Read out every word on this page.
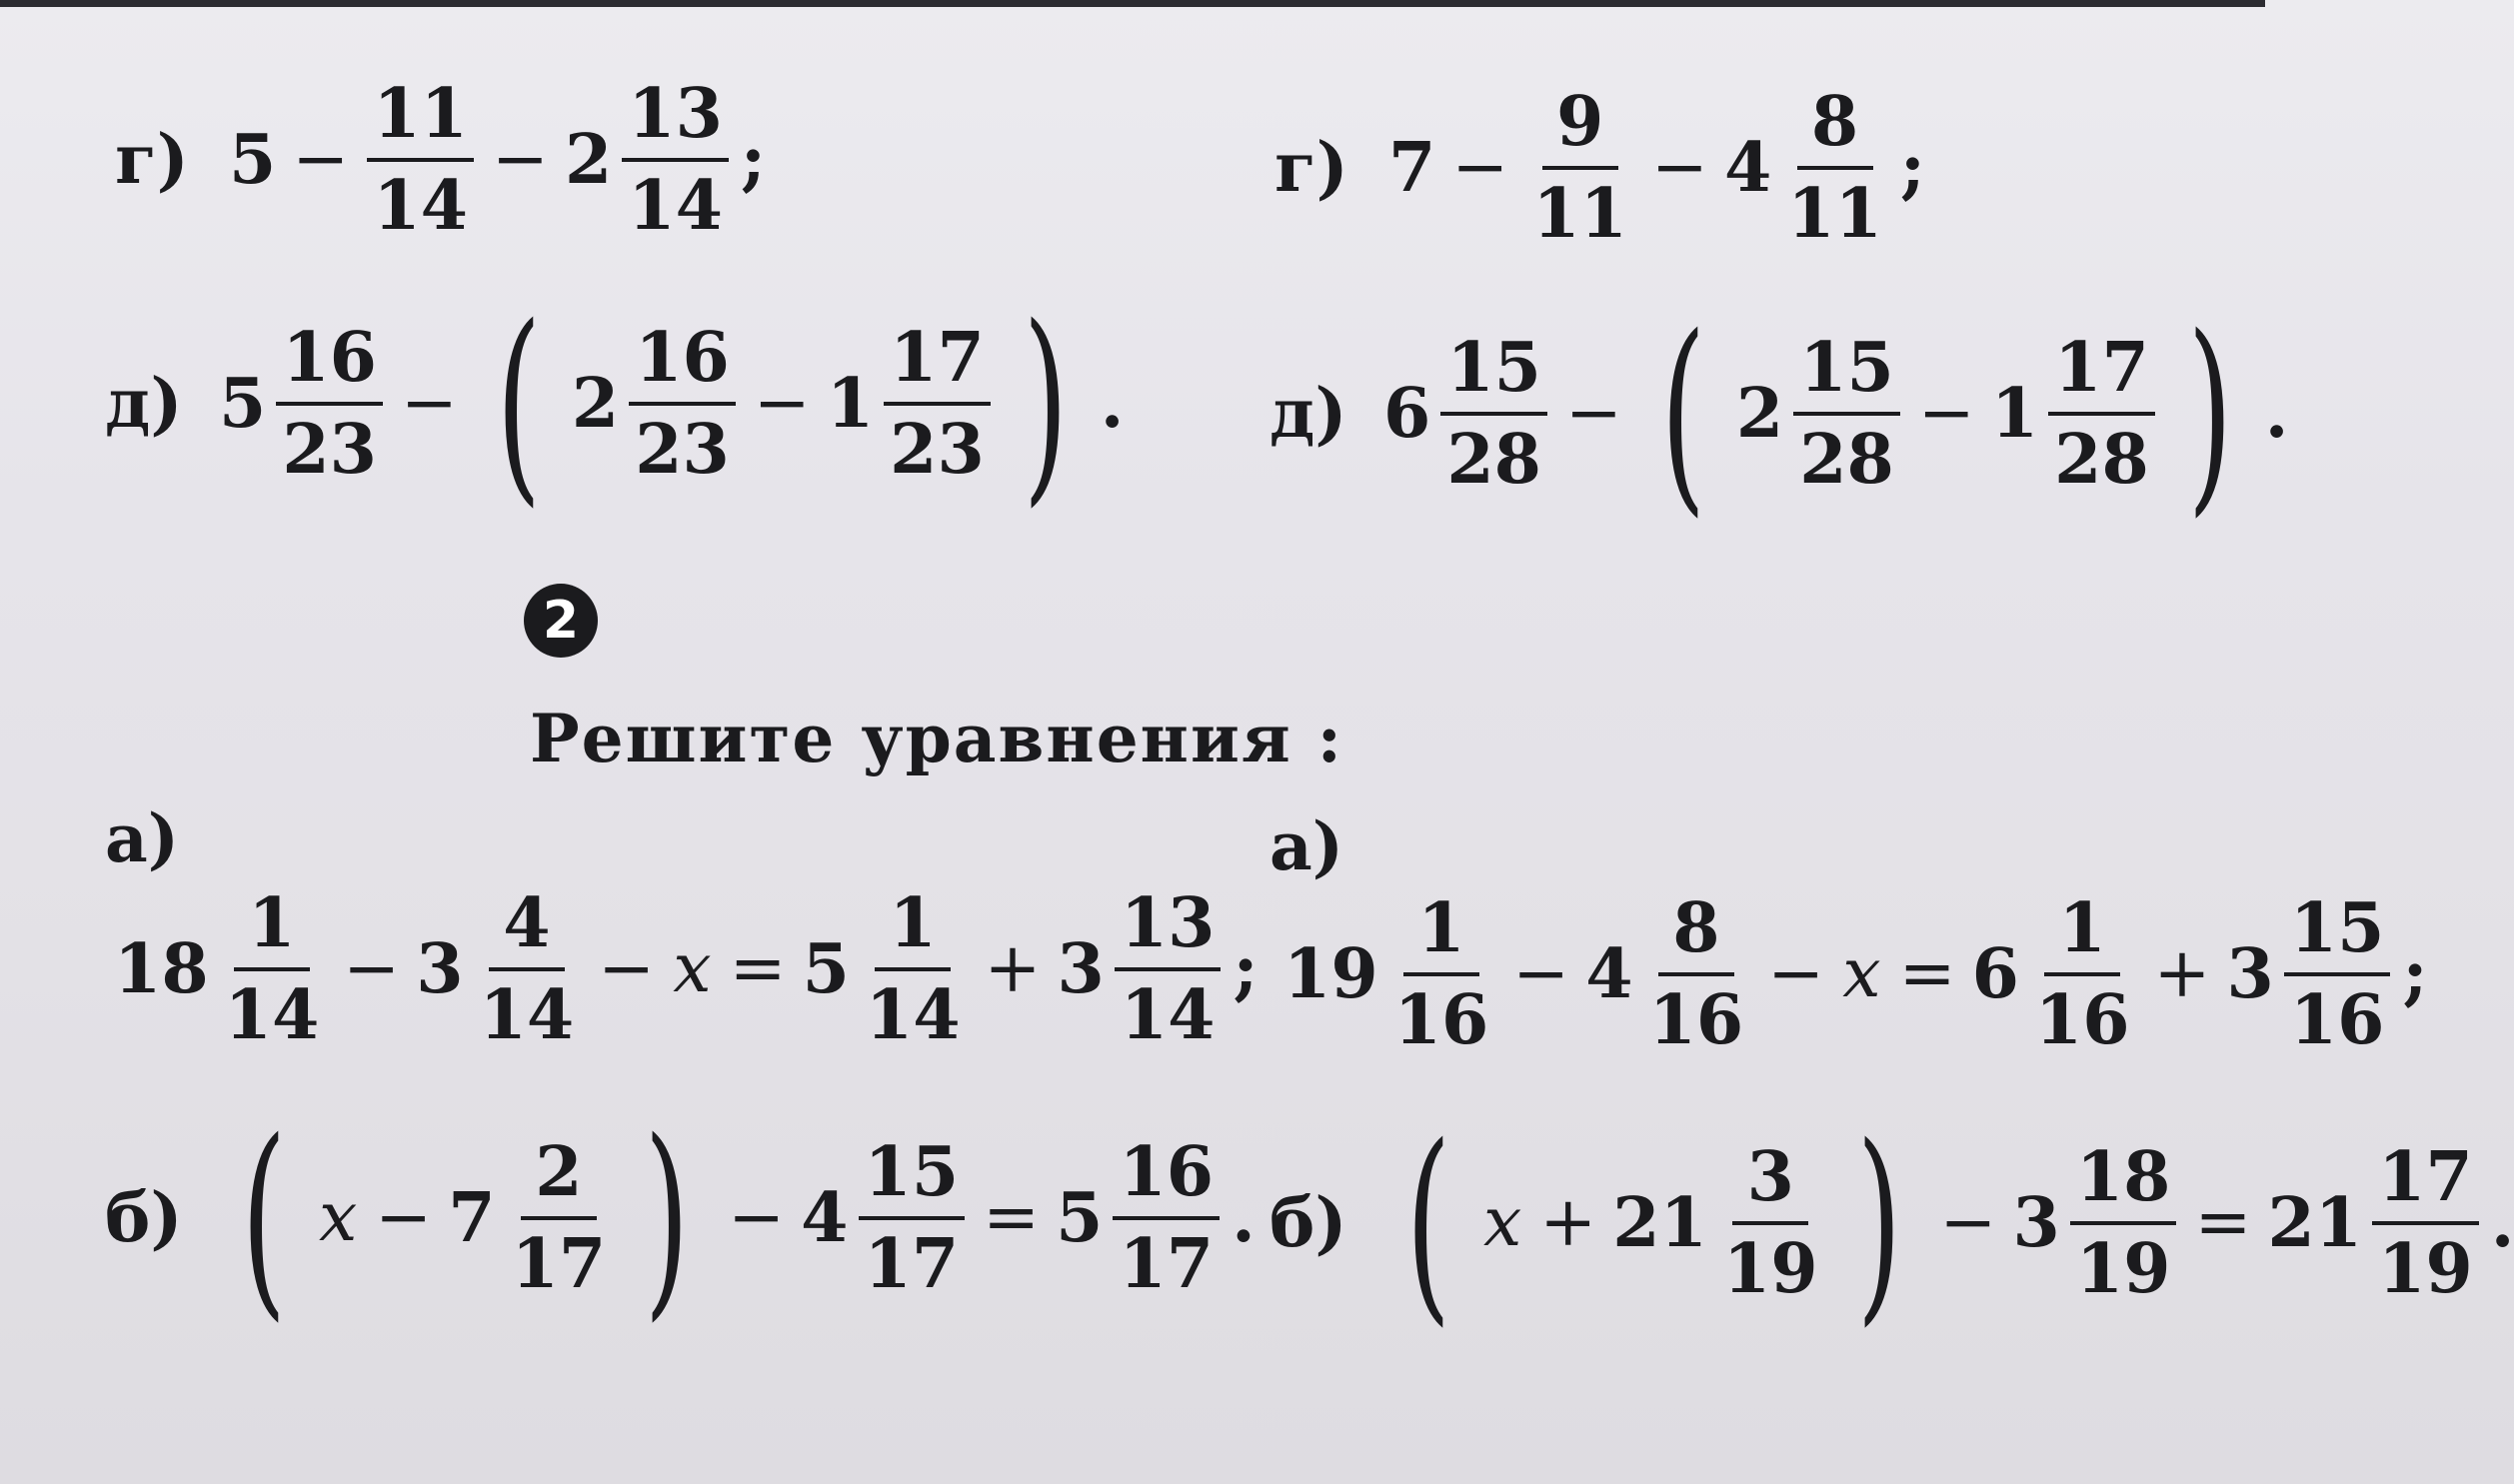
г) $5 - \frac{11}{14} - 2 \frac{13}{14}$ ;	г) $7 - \frac{9}{11} - 4 \frac{8}{11}$ ;
д) $5 \frac{16}{23}$ − ( $2 \frac{16}{23} - 1 \frac{17}{23}$ ) . д) $6 \frac{15}{28}$ − ( $2 \frac{15}{28} - 1 \frac{17}{28}$ ) .
2
Решите уравнения :
а)	а)
$18 \frac{1}{14} - 3 \frac{4}{14} - x = 5 \frac{1}{14} + 3 \frac{13}{14}$ ; $19 \frac{1}{16} - 4 \frac{8}{16} - x = 6 \frac{1}{16} + 3 \frac{15}{16}$ ;
б) ( $x - 7 \frac{2}{17}$ ) − $4 \frac{15}{17} = 5 \frac{16}{17}$ . б) ( $x + 21 \frac{3}{19}$ ) − $3 \frac{18}{19} = 21 \frac{17}{19}$ .
